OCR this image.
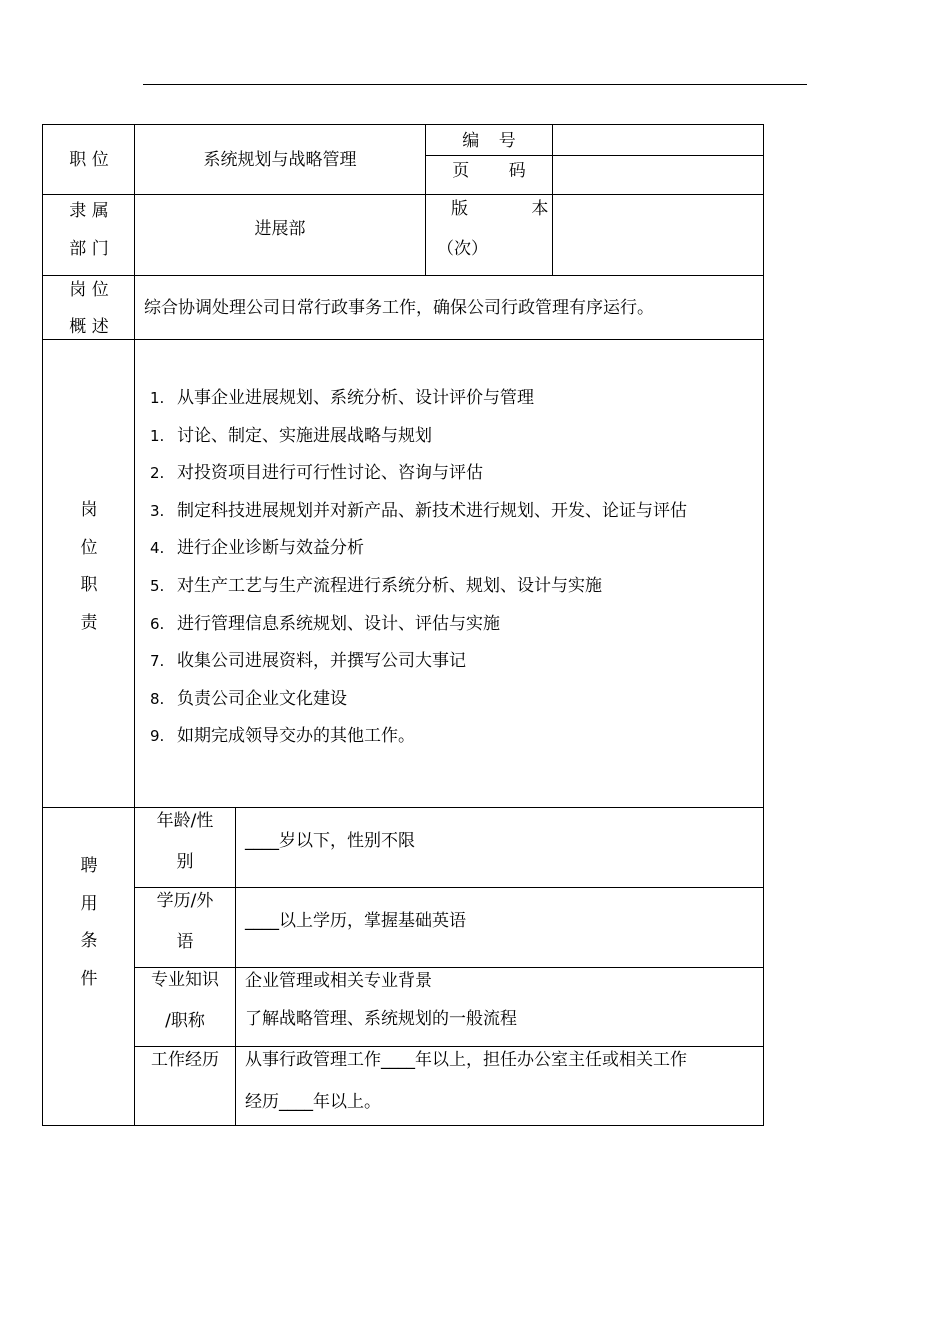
职 位	系统规划与战略管理
编 号
页 码
隶 属
部 门
进展部
版 本
（次）
岗 位
概 述
综合协调处理公司日常行政事务工作，确保公司行政管理有序运行。
岗
位
职
责
1. 从事企业进展规划、系统分析、设计评价与管理
1. 讨论、制定、实施进展战略与规划
2. 对投资项目进行可行性讨论、咨询与评估
3. 制定科技进展规划并对新产品、新技术进行规划、开发、论证与评估
4. 进行企业诊断与效益分析
5. 对生产工艺与生产流程进行系统分析、规划、设计与实施
6. 进行管理信息系统规划、设计、评估与实施
7. 收集公司进展资料，并撰写公司大事记
8. 负责公司企业文化建设
9. 如期完成领导交办的其他工作。
聘
用
条
件
年龄/性
别
____岁以下，性别不限
学历/外
语
____以上学历，掌握基础英语
专业知识
/职称
企业管理或相关专业背景
了解战略管理、系统规划的一般流程
工作经历 从事行政管理工作____年以上，担任办公室主任或相关工作
经历____年以上。
